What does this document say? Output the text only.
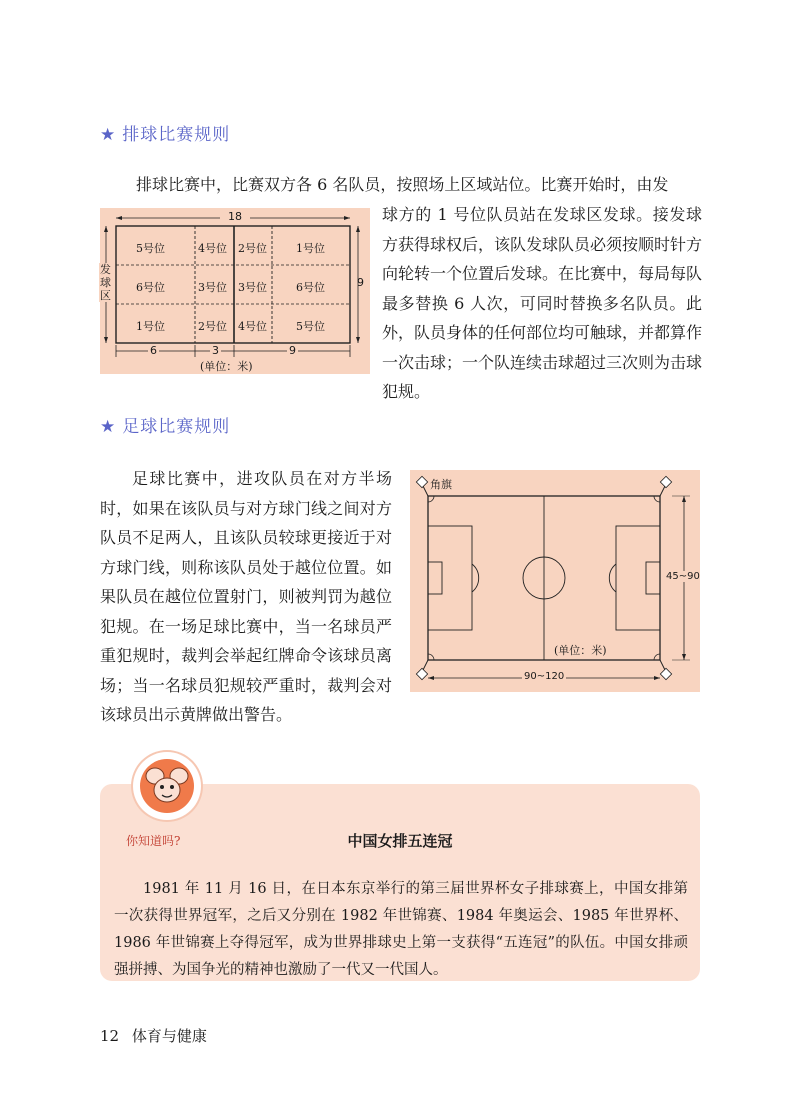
★ 排球比赛规则

排球比赛中，比赛双方各 6 名队员，按照场上区域站位。比赛开始时，由发

球方的 1 号位队员站在发球区发球。接发球方获得球权后，该队发球队员必须按顺时针方向轮转一个位置后发球。在比赛中，每局每队最多替换 6 人次，可同时替换多名队员。此外，队员身体的任何部位均可触球，并都算作一次击球；一个队连续击球超过三次则为击球犯规。

18
9
发球区
5号位	4号位 2号位	1号位
6号位	3号位 3号位	6号位
1号位	2号位 4号位	5号位
6	3	9
(单位：米)
★ 足球比赛规则

足球比赛中，进攻队员在对方半场时，如果在该队员与对方球门线之间对方队员不足两人，且该队员较球更接近于对方球门线，则称该队员处于越位位置。如果队员在越位位置射门，则被判罚为越位犯规。在一场足球比赛中，当一名球员严重犯规时，裁判会举起红牌命令该球员离场；当一名球员犯规较严重时，裁判会对该球员出示黄牌做出警告。

角旗
45~90
90~120
(单位：米)
你知道吗?	中国女排五连冠

1981 年 11 月 16 日，在日本东京举行的第三届世界杯女子排球赛上，中国女排第一次获得世界冠军，之后又分别在 1982 年世锦赛、1984 年奥运会、1985 年世界杯、1986 年世锦赛上夺得冠军，成为世界排球史上第一支获得“五连冠”的队伍。中国女排顽强拼搏、为国争光的精神也激励了一代又一代国人。

12 体育与健康
